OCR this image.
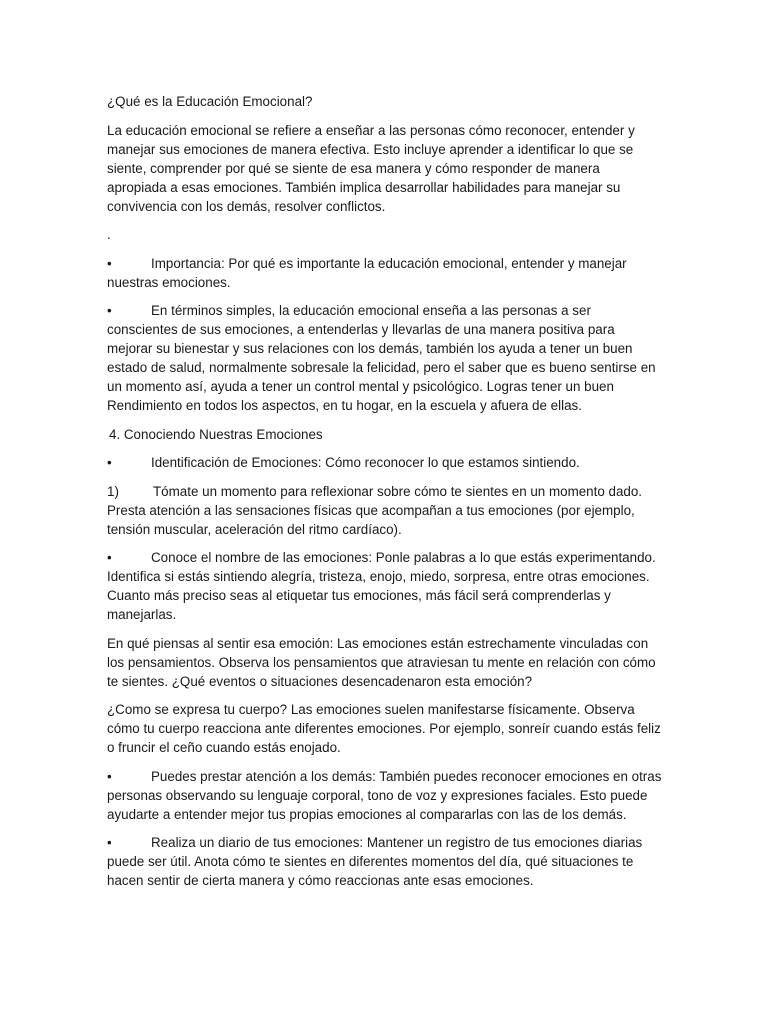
¿Qué es la Educación Emocional?

La educación emocional se refiere a enseñar a las personas cómo reconocer, entender y manejar sus emociones de manera efectiva. Esto incluye aprender a identificar lo que se siente, comprender por qué se siente de esa manera y cómo responder de manera apropiada a esas emociones. También implica desarrollar habilidades para manejar su convivencia con los demás, resolver conflictos.

.

•	Importancia: Por qué es importante la educación emocional, entender y manejar nuestras emociones.

•	En términos simples, la educación emocional enseña a las personas a ser conscientes de sus emociones, a entenderlas y llevarlas de una manera positiva para mejorar su bienestar y sus relaciones con los demás, también los ayuda a tener un buen estado de salud, normalmente sobresale la felicidad, pero el saber que es bueno sentirse en un momento así, ayuda a tener un control mental y psicológico. Logras tener un buen Rendimiento en todos los aspectos, en tu hogar, en la escuela y afuera de ellas.

4. Conociendo Nuestras Emociones

•	Identificación de Emociones: Cómo reconocer lo que estamos sintiendo.

1)	Tómate un momento para reflexionar sobre cómo te sientes en un momento dado. Presta atención a las sensaciones físicas que acompañan a tus emociones (por ejemplo, tensión muscular, aceleración del ritmo cardíaco).

•	Conoce el nombre de las emociones: Ponle palabras a lo que estás experimentando. Identifica si estás sintiendo alegría, tristeza, enojo, miedo, sorpresa, entre otras emociones. Cuanto más preciso seas al etiquetar tus emociones, más fácil será comprenderlas y manejarlas.

En qué piensas al sentir esa emoción: Las emociones están estrechamente vinculadas con los pensamientos. Observa los pensamientos que atraviesan tu mente en relación con cómo te sientes. ¿Qué eventos o situaciones desencadenaron esta emoción?

¿Como se expresa tu cuerpo? Las emociones suelen manifestarse físicamente. Observa cómo tu cuerpo reacciona ante diferentes emociones. Por ejemplo, sonreír cuando estás feliz o fruncir el ceño cuando estás enojado.

•	Puedes prestar atención a los demás: También puedes reconocer emociones en otras personas observando su lenguaje corporal, tono de voz y expresiones faciales. Esto puede ayudarte a entender mejor tus propias emociones al compararlas con las de los demás.

•	Realiza un diario de tus emociones: Mantener un registro de tus emociones diarias puede ser útil. Anota cómo te sientes en diferentes momentos del día, qué situaciones te hacen sentir de cierta manera y cómo reaccionas ante esas emociones.
